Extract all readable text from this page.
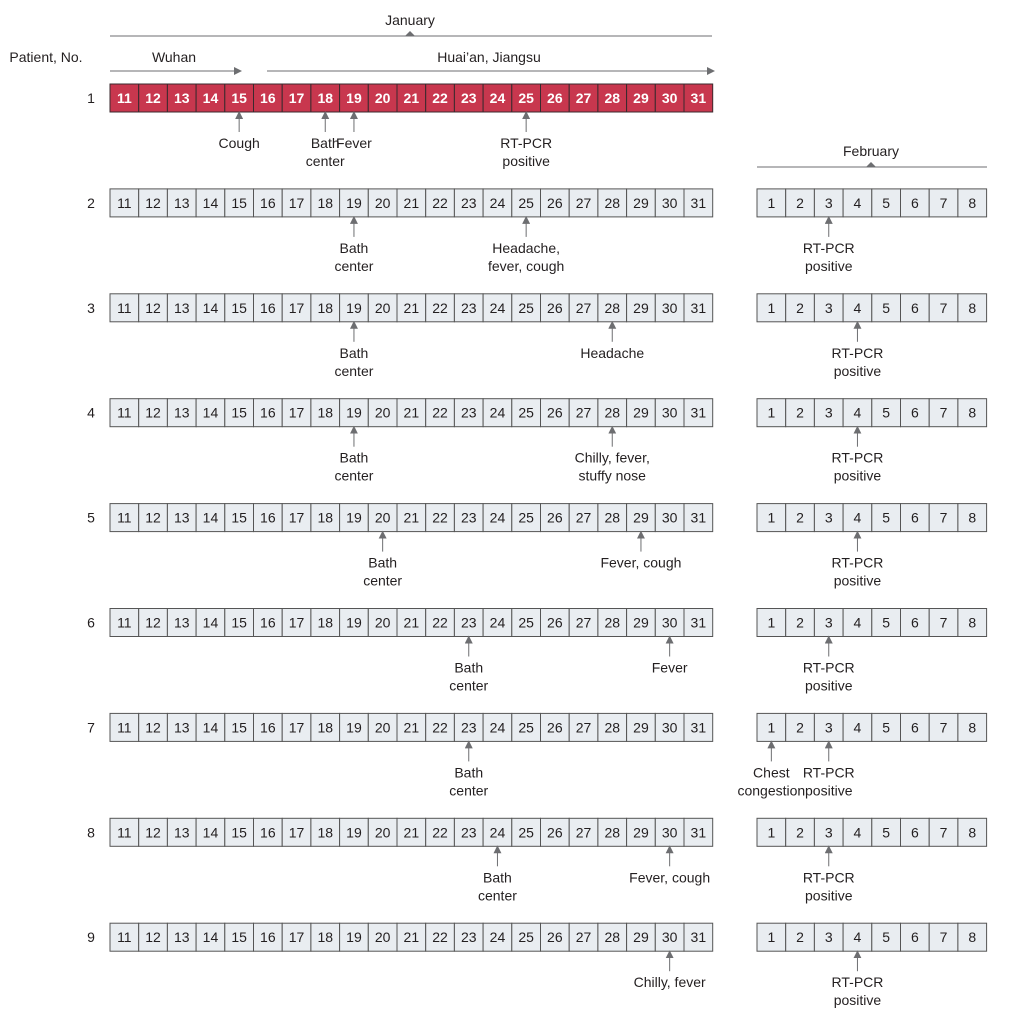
January
Patient, No.	Wuhan	Huai’an, Jiangsu
February
1 11 12 13 14 15 16 17 18 19 20 21 22 23 24 25 26 27 28 29 30 31
Cough	Bath
center
Fever	RT-PCR
positive
2 11 12 13 14 15 16 17 18 19 20 21 22 23 24 25 26 27 28 29 30 31	1 2 3 4 5 6 7 8
Bath
center
Headache,
fever, cough
RT-PCR
positive
3 11 12 13 14 15 16 17 18 19 20 21 22 23 24 25 26 27 28 29 30 31	1 2 3 4 5 6 7 8
Bath
center
Headache	RT-PCR
positive
4 11 12 13 14 15 16 17 18 19 20 21 22 23 24 25 26 27 28 29 30 31	1 2 3 4 5 6 7 8
Bath
center
Chilly, fever,
stuffy nose
RT-PCR
positive
5 11 12 13 14 15 16 17 18 19 20 21 22 23 24 25 26 27 28 29 30 31	1 2 3 4 5 6 7 8
Bath
center
Fever, cough	RT-PCR
positive
6 11 12 13 14 15 16 17 18 19 20 21 22 23 24 25 26 27 28 29 30 31	1 2 3 4 5 6 7 8
Bath
center
Fever	RT-PCR
positive
7 11 12 13 14 15 16 17 18 19 20 21 22 23 24 25 26 27 28 29 30 31	1 2 3 4 5 6 7 8
Bath
center
Chest
congestion
RT-PCR
positive
8 11 12 13 14 15 16 17 18 19 20 21 22 23 24 25 26 27 28 29 30 31	1 2 3 4 5 6 7 8
Bath
center
Fever, cough	RT-PCR
positive
9 11 12 13 14 15 16 17 18 19 20 21 22 23 24 25 26 27 28 29 30 31	1 2 3 4 5 6 7 8
Chilly, fever	RT-PCR
positive
